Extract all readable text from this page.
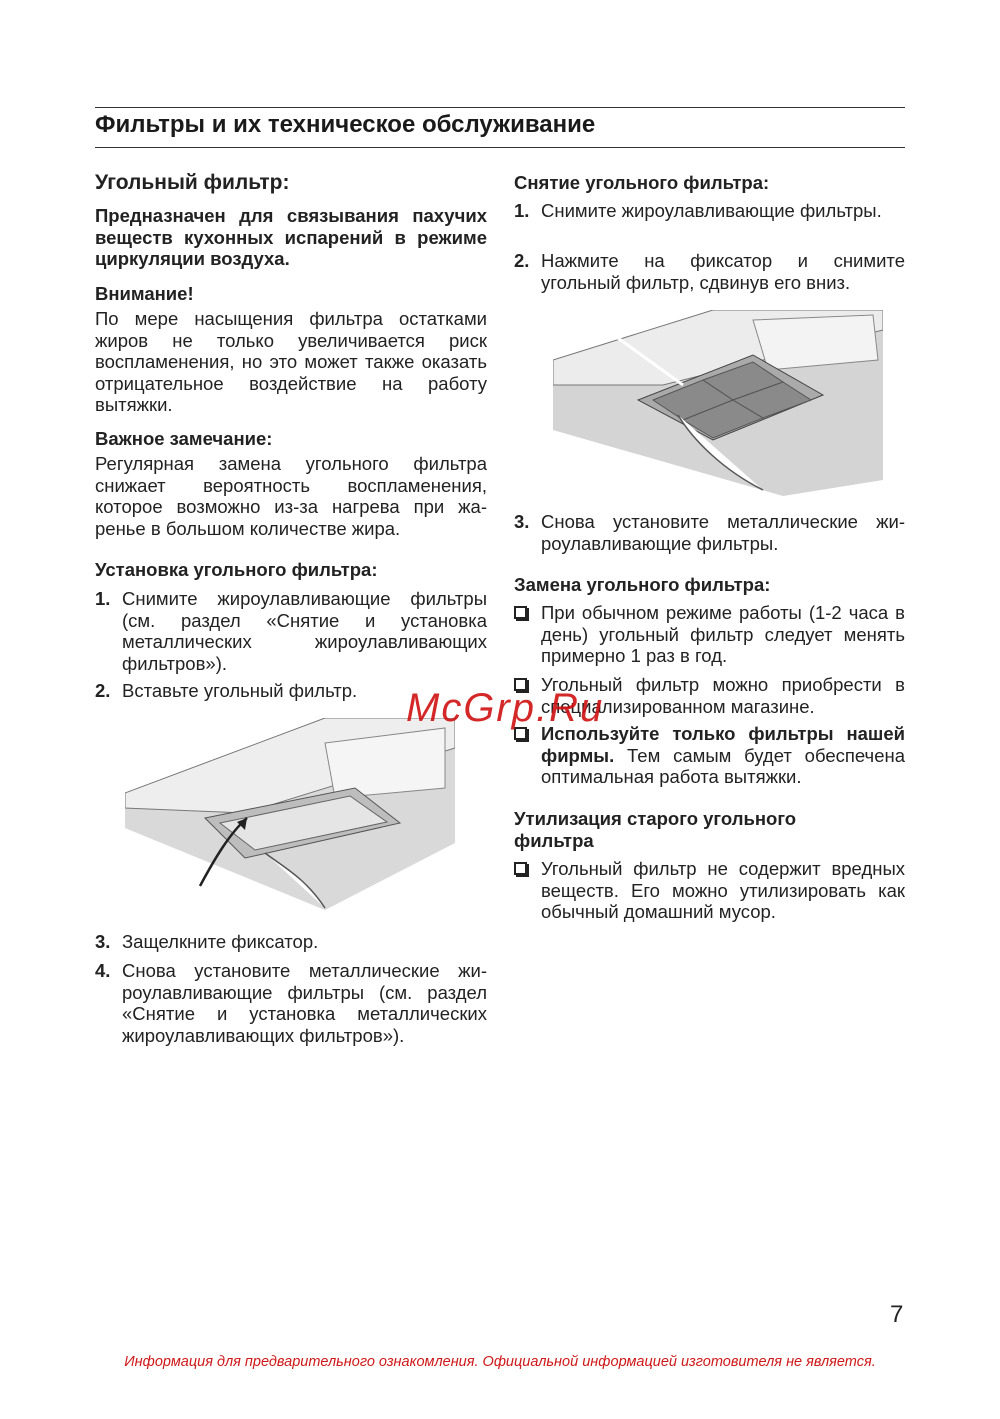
Фильтры и их техническое обслуживание
Угольный фильтр:
Предназначен для связывания пахучих веществ кухонных испарений в режиме циркуляции воздуха.
Внимание!
По мере насыщения фильтра остатками жиров не только увеличивается риск воспламенения, но это может также оказать отрицательное воздействие на работу вытяжки.
Важное замечание:
Регулярная замена угольного фильтра снижает вероятность воспламенения, которое возможно из-за нагрева при жаренье в большом количестве жира.
Установка угольного фильтра:
1. Снимите жироулавливающие фильтры (см. раздел «Снятие и установка металлических жироулавливающих фильтров»).
2. Вставьте угольный фильтр.
3. Защелкните фиксатор.
4. Снова установите металлические жироулавливающие фильтры (см. раздел «Снятие и установка металлических жироулавливающих фильтров»).
Снятие угольного фильтра:
1. Снимите жироулавливающие фильтры.
2. Нажмите на фиксатор и снимите угольный фильтр, сдвинув его вниз.
3. Снова установите металлические жироулавливающие фильтры.
Замена угольного фильтра:
При обычном режиме работы (1-2 часа в день) угольный фильтр следует менять примерно 1 раз в год.
Угольный фильтр можно приобрести в специализированном магазине.
Используйте только фильтры нашей фирмы. Тем самым будет обеспечена оптимальная работа вытяжки.
Утилизация старого угольного фильтра
Угольный фильтр не содержит вредных веществ. Его можно утилизировать как обычный домашний мусор.
McGrp.Ru
7
Информация для предварительного ознакомления. Официальной информацией изготовителя не является.
